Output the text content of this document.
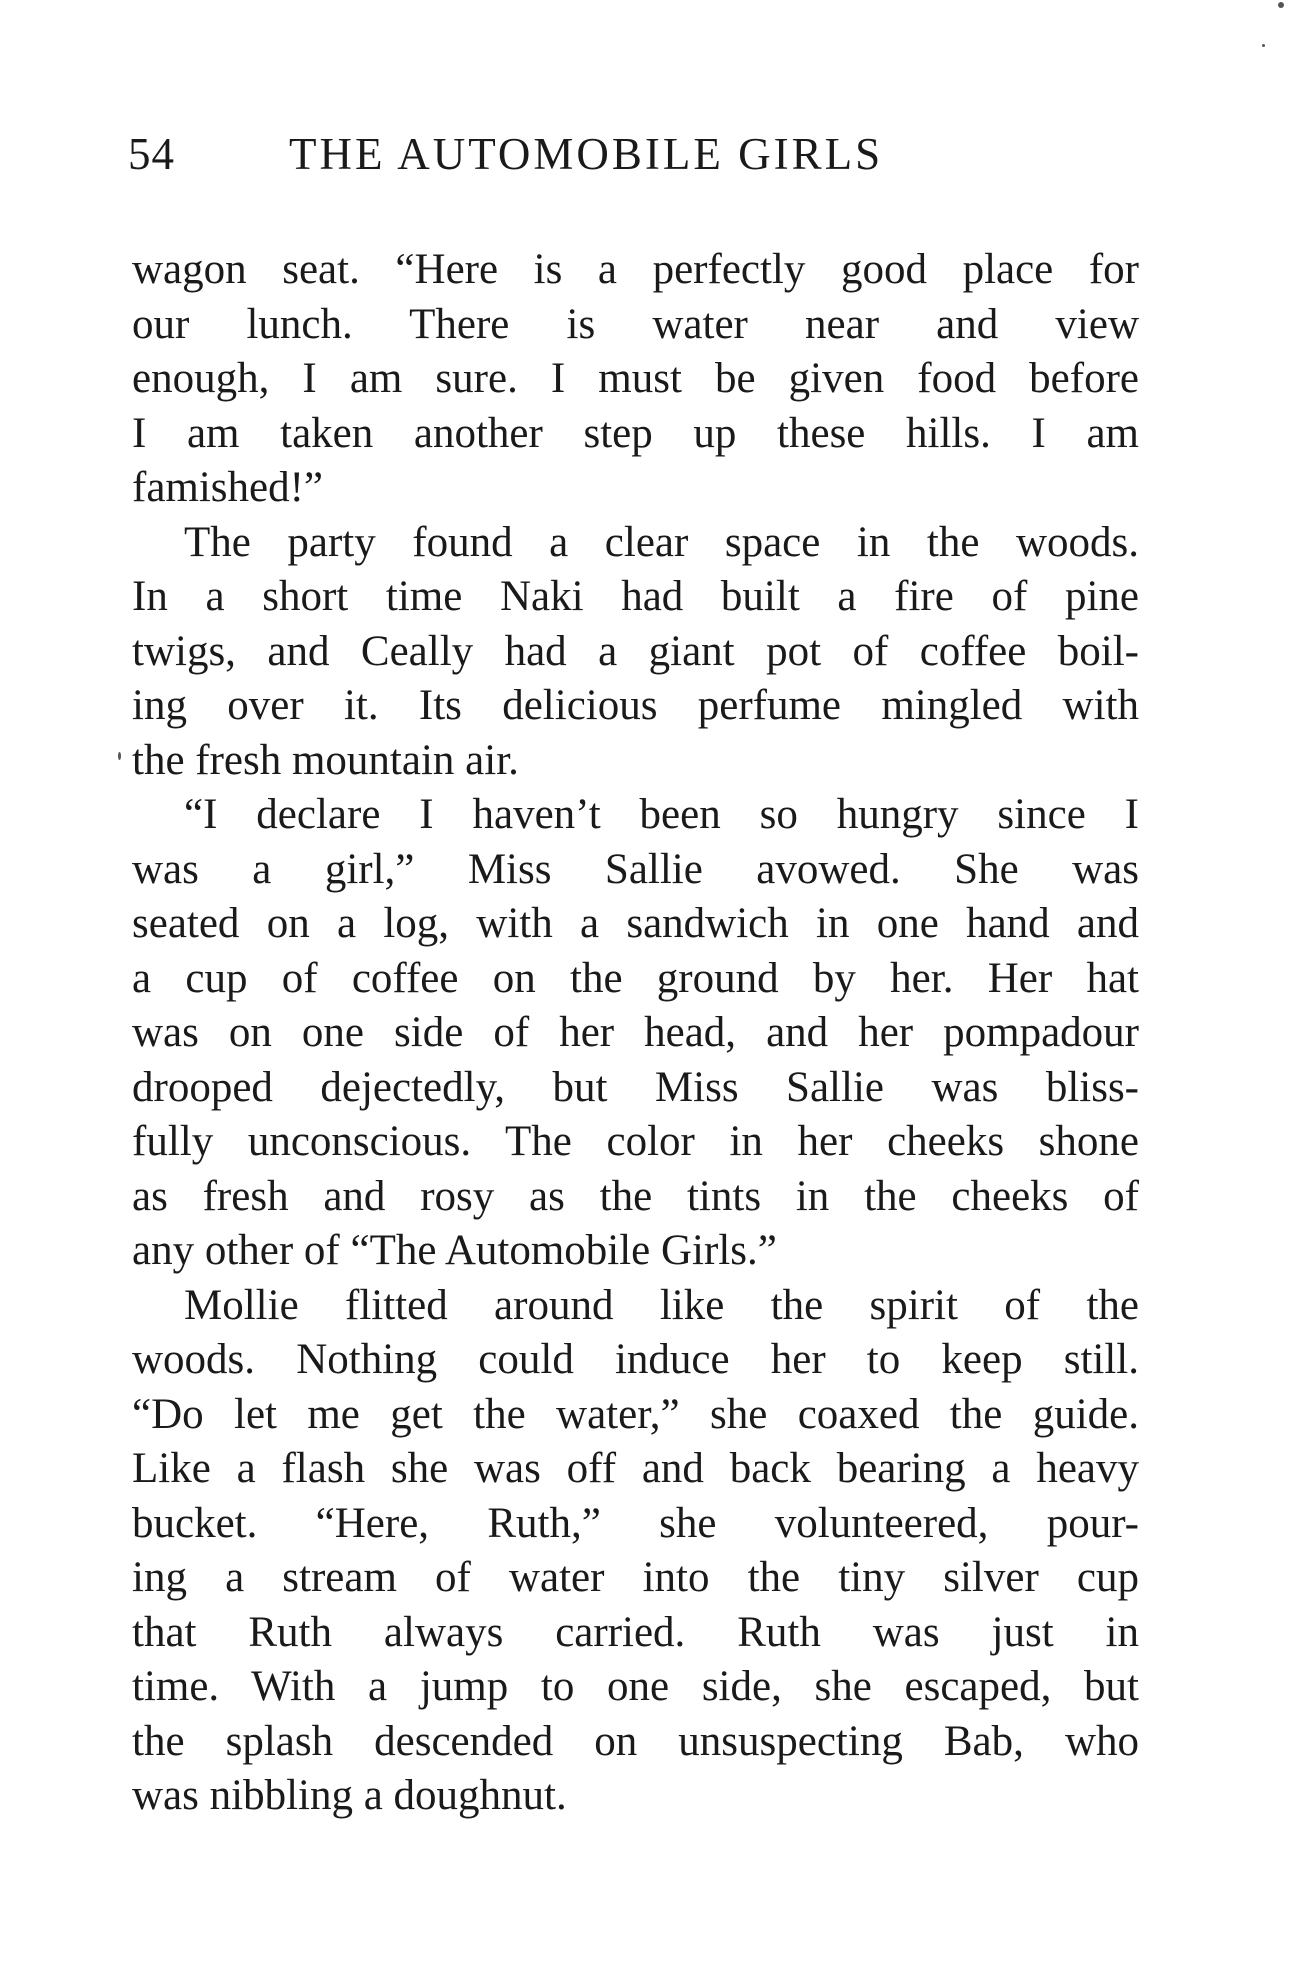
54	THE AUTOMOBILE GIRLS
wagon seat. “Here is a perfectly good place for
our lunch. There is water near and view
enough, I am sure. I must be given food before
I am taken another step up these hills. I am
famished!”
The party found a clear space in the woods.
In a short time Naki had built a fire of pine
twigs, and Ceally had a giant pot of coffee boil-
ing over it. Its delicious perfume mingled with
the fresh mountain air.
“I declare I haven’t been so hungry since I
was a girl,” Miss Sallie avowed. She was
seated on a log, with a sandwich in one hand and
a cup of coffee on the ground by her. Her hat
was on one side of her head, and her pompadour
drooped dejectedly, but Miss Sallie was bliss-
fully unconscious. The color in her cheeks shone
as fresh and rosy as the tints in the cheeks of
any other of “The Automobile Girls.”
Mollie flitted around like the spirit of the
woods. Nothing could induce her to keep still.
“Do let me get the water,” she coaxed the guide.
Like a flash she was off and back bearing a heavy
bucket. “Here, Ruth,” she volunteered, pour-
ing a stream of water into the tiny silver cup
that Ruth always carried. Ruth was just in
time. With a jump to one side, she escaped, but
the splash descended on unsuspecting Bab, who
was nibbling a doughnut.
